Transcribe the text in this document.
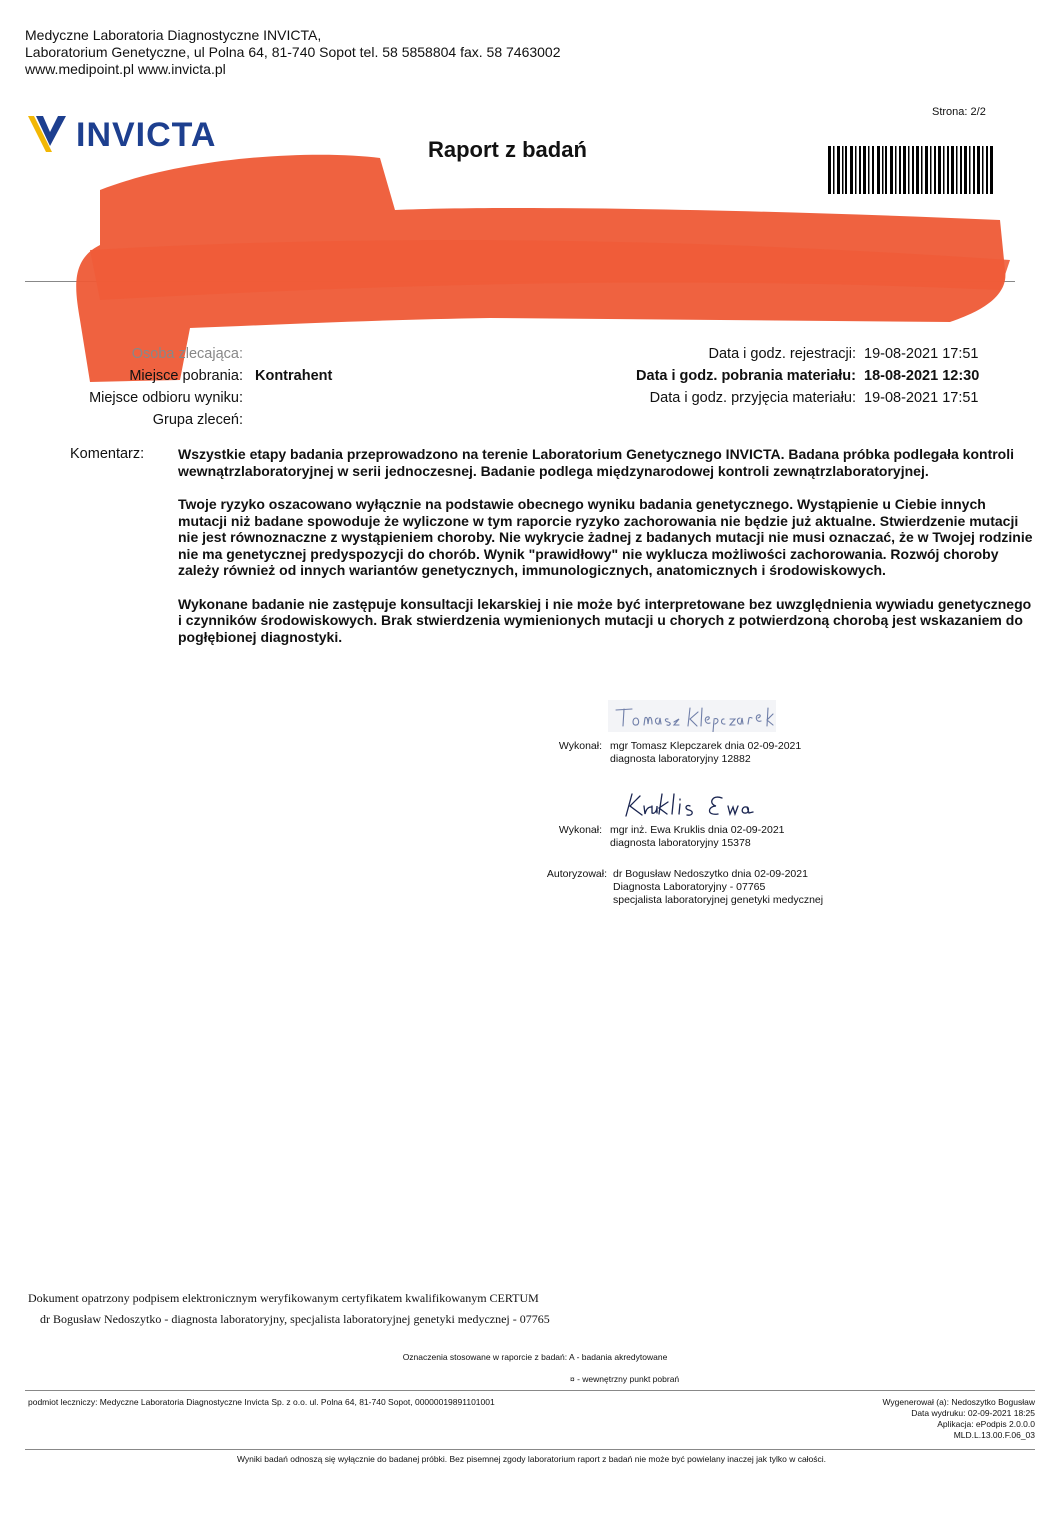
Medyczne Laboratoria Diagnostyczne INVICTA,
Laboratorium Genetyczne, ul Polna 64, 81-740 Sopot tel. 58 5858804 fax. 58 7463002
www.medipoint.pl www.invicta.pl
INVICTA	Raport z badań
Strona: 2/2
Osoba zlecająca:
Miejsce pobrania: Kontrahent
Miejsce odbioru wyniku:
Grupa zleceń:
Data i godz. rejestracji: 19-08-2021 17:51
Data i godz. pobrania materiału: 18-08-2021 12:30
Data i godz. przyjęcia materiału: 19-08-2021 17:51
Komentarz: Wszystkie etapy badania przeprowadzono na terenie Laboratorium Genetycznego INVICTA. Badana próbka podlegała kontroli wewnątrzlaboratoryjnej w serii jednoczesnej. Badanie podlega międzynarodowej kontroli zewnątrzlaboratoryjnej.

Twoje ryzyko oszacowano wyłącznie na podstawie obecnego wyniku badania genetycznego. Wystąpienie u Ciebie innych mutacji niż badane spowoduje że wyliczone w tym raporcie ryzyko zachorowania nie będzie już aktualne. Stwierdzenie mutacji nie jest równoznaczne z wystąpieniem choroby. Nie wykrycie żadnej z badanych mutacji nie musi oznaczać, że w Twojej rodzinie nie ma genetycznej predyspozycji do chorób. Wynik "prawidłowy" nie wyklucza możliwości zachorowania. Rozwój choroby zależy również od innych wariantów genetycznych, immunologicznych, anatomicznych i środowiskowych.

Wykonane badanie nie zastępuje konsultacji lekarskiej i nie może być interpretowane bez uwzględnienia wywiadu genetycznego i czynników środowiskowych. Brak stwierdzenia wymienionych mutacji u chorych z potwierdzoną chorobą jest wskazaniem do pogłębionej diagnostyki.

Wykonał: mgr Tomasz Klepczarek dnia 02-09-2021
diagnosta laboratoryjny 12882
Wykonał: mgr inż. Ewa Kruklis dnia 02-09-2021
diagnosta laboratoryjny 15378
Autoryzował: dr Bogusław Nedoszytko dnia 02-09-2021
Diagnosta Laboratoryjny - 07765
specjalista laboratoryjnej genetyki medycznej
Dokument opatrzony podpisem elektronicznym weryfikowanym certyfikatem kwalifikowanym CERTUM
dr Bogusław Nedoszytko - diagnosta laboratoryjny, specjalista laboratoryjnej genetyki medycznej - 07765
Oznaczenia stosowane w raporcie z badań: A - badania akredytowane
¤ - wewnętrzny punkt pobrań
podmiot leczniczy: Medyczne Laboratoria Diagnostyczne Invicta Sp. z o.o. ul. Polna 64, 81-740 Sopot, 00000019891101001	Wygenerował (a): Nedoszytko Bogusław
Data wydruku: 02-09-2021 18:25
Aplikacja: ePodpis 2.0.0.0
MLD.L.13.00.F.06_03
Wyniki badań odnoszą się wyłącznie do badanej próbki. Bez pisemnej zgody laboratorium raport z badań nie może być powielany inaczej jak tylko w całości.
